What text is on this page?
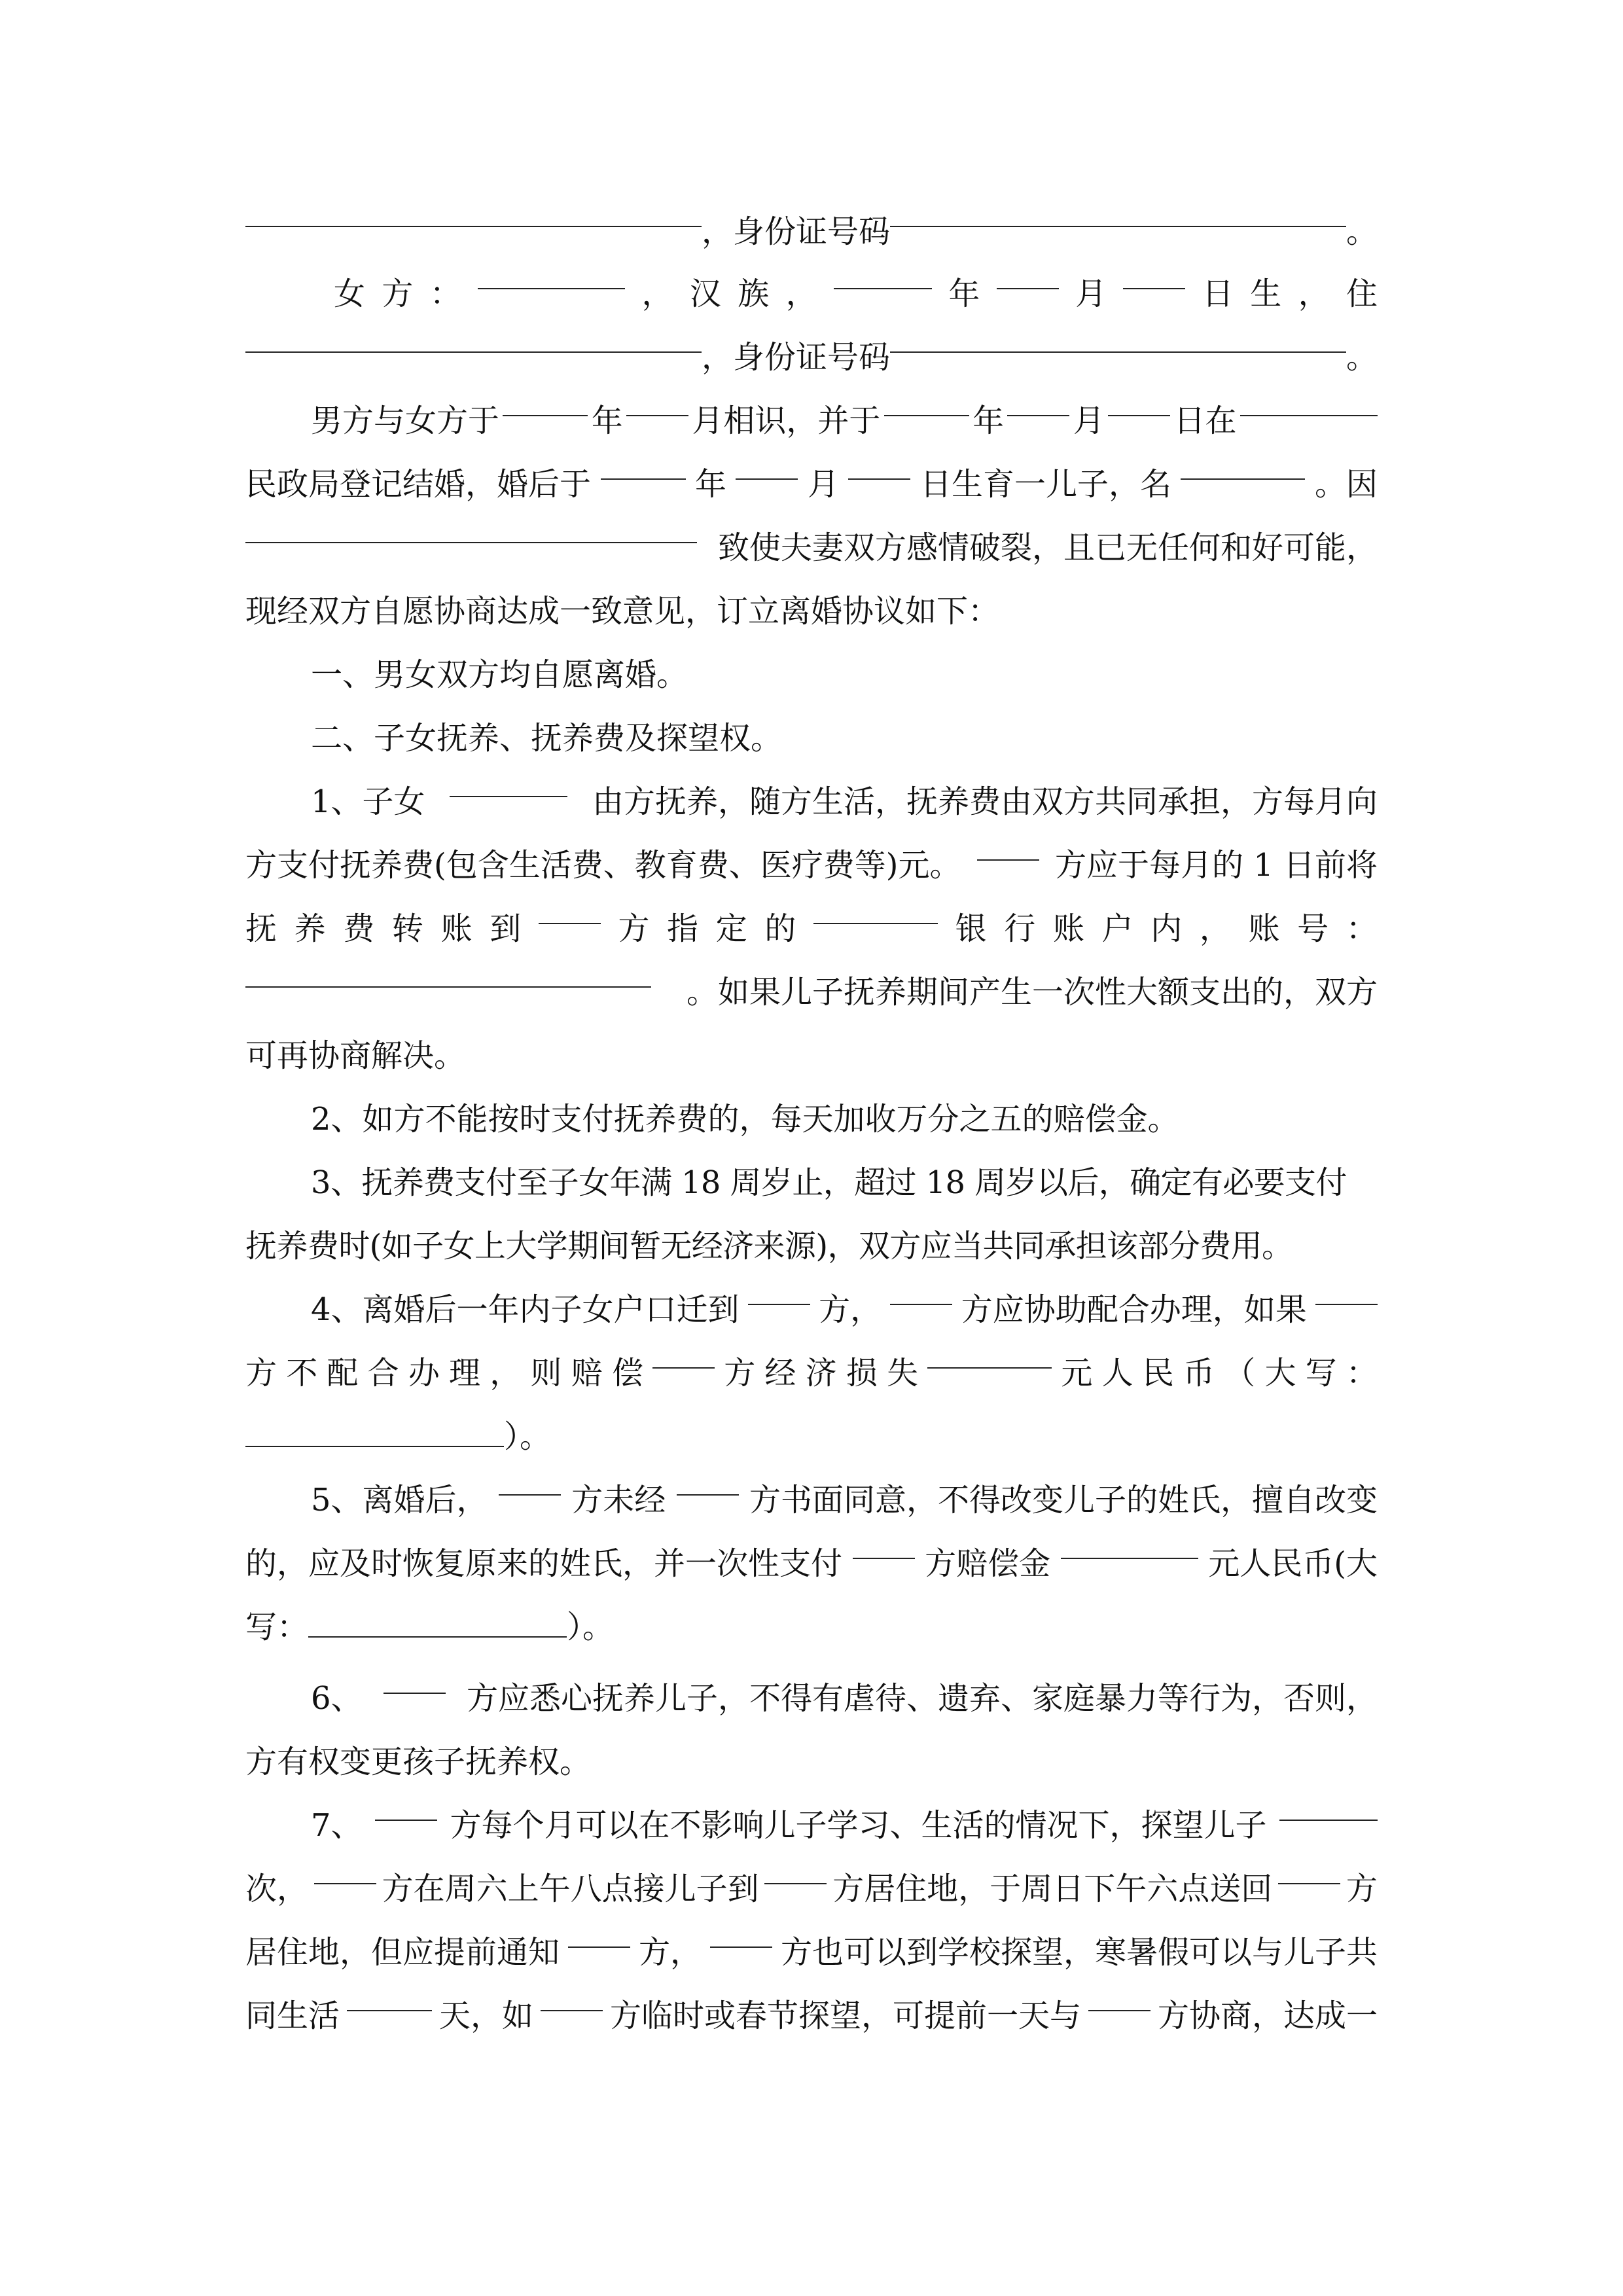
，身份证号码	。
女 方 ：	， 汉 族 ，	年	月	日 生 ， 住
，身份证号码	。
男方与女方于	年 月相识，并于	年 月 日在
民政局登记结婚，婚后于	年	月	日生育一儿子，名	。因
致使夫妻双方感情破裂，且已无任何和好可能，
现经双方自愿协商达成一致意见，订立离婚协议如下：
一、男女双方均自愿离婚。
二、子女抚养、抚养费及探望权。
1、子女	由方抚养，随方生活，抚养费由双方共同承担，方每月向
方支付抚养费(包含生活费、教育费、医疗费等)元。	方应于每月的 1 日前将
抚 养 费 转 账 到	方 指 定 的	银 行 账 户 内 ， 账 号 ：
。如果儿子抚养期间产生一次性大额支出的，双方
可再协商解决。
2、如方不能按时支付抚养费的，每天加收万分之五的赔偿金。
3、抚养费支付至子女年满 18 周岁止，超过 18 周岁以后，确定有必要支付
抚养费时(如子女上大学期间暂无经济来源)，双方应当共同承担该部分费用。
4、离婚后一年内子女户口迁到	方，	方应协助配合办理，如果
方 不 配 合 办 理 ， 则 赔 偿	方 经 济 损 失	元 人 民 币 （ 大 写 ：
）。
5、离婚后，	方未经	方书面同意，不得改变儿子的姓氏，擅自改变
的，应及时恢复原来的姓氏，并一次性支付	方赔偿金	元人民币(大
写：	）。
6、	方应悉心抚养儿子，不得有虐待、遗弃、家庭暴力等行为，否则，
方有权变更孩子抚养权。
7、	方每个月可以在不影响儿子学习、生活的情况下，探望儿子
次， 方在周六上午八点接儿子到 方居住地，于周日下午六点送回 方
居住地，但应提前通知	方，	方也可以到学校探望，寒暑假可以与儿子共
同生活	天，如 方临时或春节探望，可提前一天与 方协商，达成一
